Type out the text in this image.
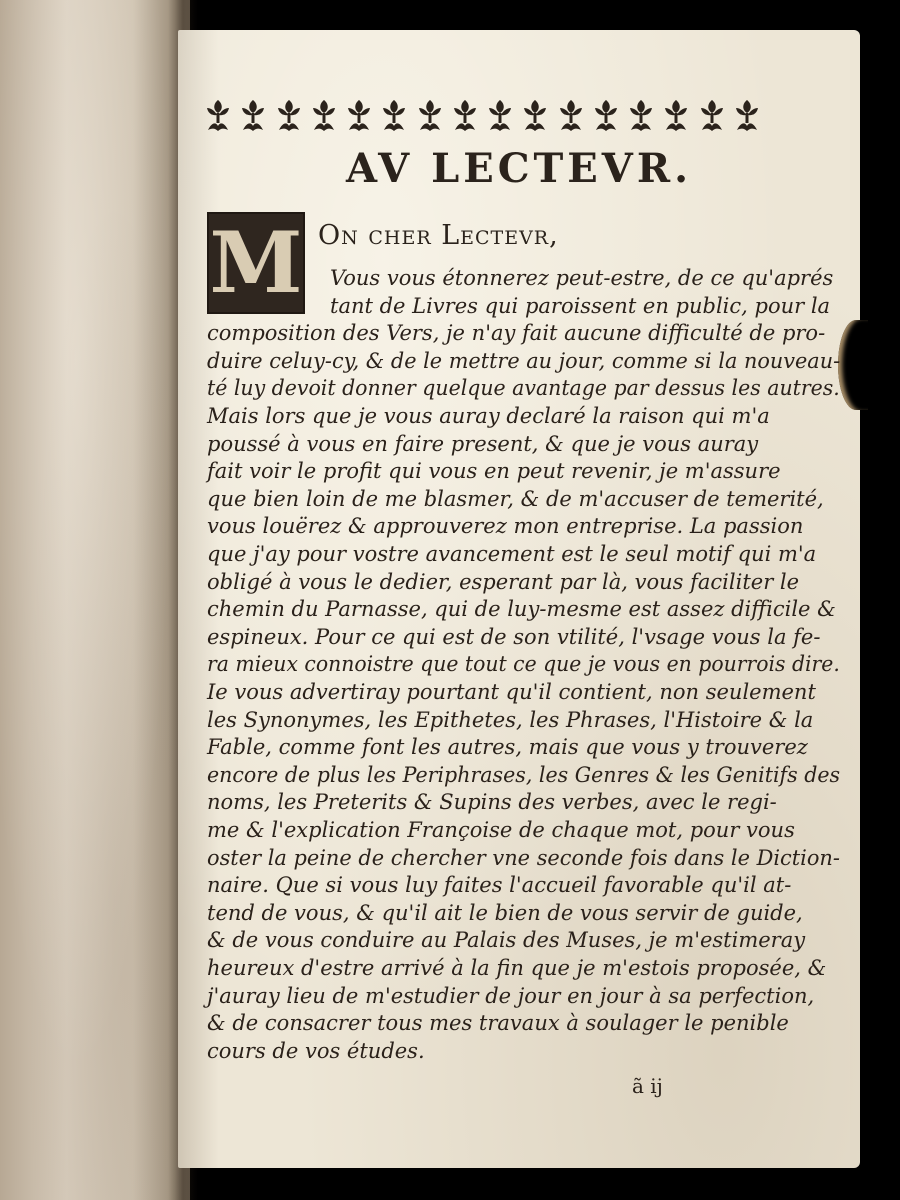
AV LECTEVR.
M On cher Lectevr,
Vous vous étonnerez peut-estre, de ce qu'aprés
tant de Livres qui paroissent en public, pour la
composition des Vers, je n'ay fait aucune difficulté de pro-
duire celuy-cy, & de le mettre au jour, comme si la nouveau-
té luy devoit donner quelque avantage par dessus les autres.
Mais lors que je vous auray declaré la raison qui m'a
poussé à vous en faire present, & que je vous auray
fait voir le profit qui vous en peut revenir, je m'assure
que bien loin de me blasmer, & de m'accuser de temerité,
vous louërez & approuverez mon entreprise. La passion
que j'ay pour vostre avancement est le seul motif qui m'a
obligé à vous le dedier, esperant par là, vous faciliter le
chemin du Parnasse, qui de luy-mesme est assez difficile &
espineux. Pour ce qui est de son vtilité, l'vsage vous la fe-
ra mieux connoistre que tout ce que je vous en pourrois dire.
Ie vous advertiray pourtant qu'il contient, non seulement
les Synonymes, les Epithetes, les Phrases, l'Histoire & la
Fable, comme font les autres, mais que vous y trouverez
encore de plus les Periphrases, les Genres & les Genitifs des
noms, les Preterits & Supins des verbes, avec le regi-
me & l'explication Françoise de chaque mot, pour vous
oster la peine de chercher vne seconde fois dans le Diction-
naire. Que si vous luy faites l'accueil favorable qu'il at-
tend de vous, & qu'il ait le bien de vous servir de guide,
& de vous conduire au Palais des Muses, je m'estimeray
heureux d'estre arrivé à la fin que je m'estois proposée, &
j'auray lieu de m'estudier de jour en jour à sa perfection,
& de consacrer tous mes travaux à soulager le penible
cours de vos études.
ã ij
